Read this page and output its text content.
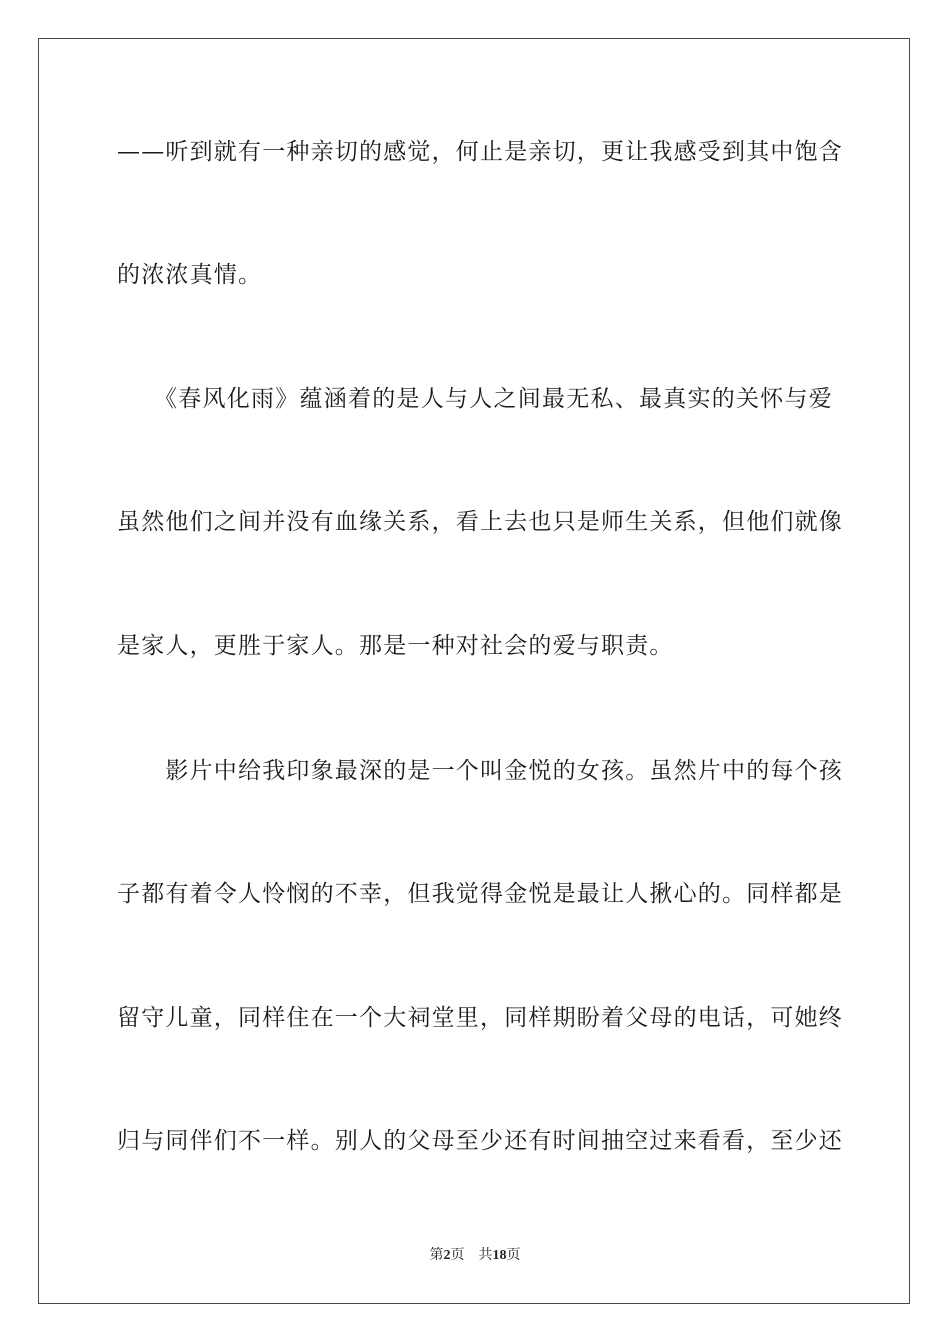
——听到就有一种亲切的感觉，何止是亲切，更让我感受到其中饱含
的浓浓真情。
　　《春风化雨》蕴涵着的是人与人之间最无私、最真实的关怀与爱
虽然他们之间并没有血缘关系，看上去也只是师生关系，但他们就像
是家人，更胜于家人。那是一种对社会的爱与职责。
　　影片中给我印象最深的是一个叫金悦的女孩。虽然片中的每个孩
子都有着令人怜悯的不幸，但我觉得金悦是最让人揪心的。同样都是
留守儿童，同样住在一个大祠堂里，同样期盼着父母的电话，可她终
归与同伴们不一样。别人的父母至少还有时间抽空过来看看，至少还
第2页 共18页
